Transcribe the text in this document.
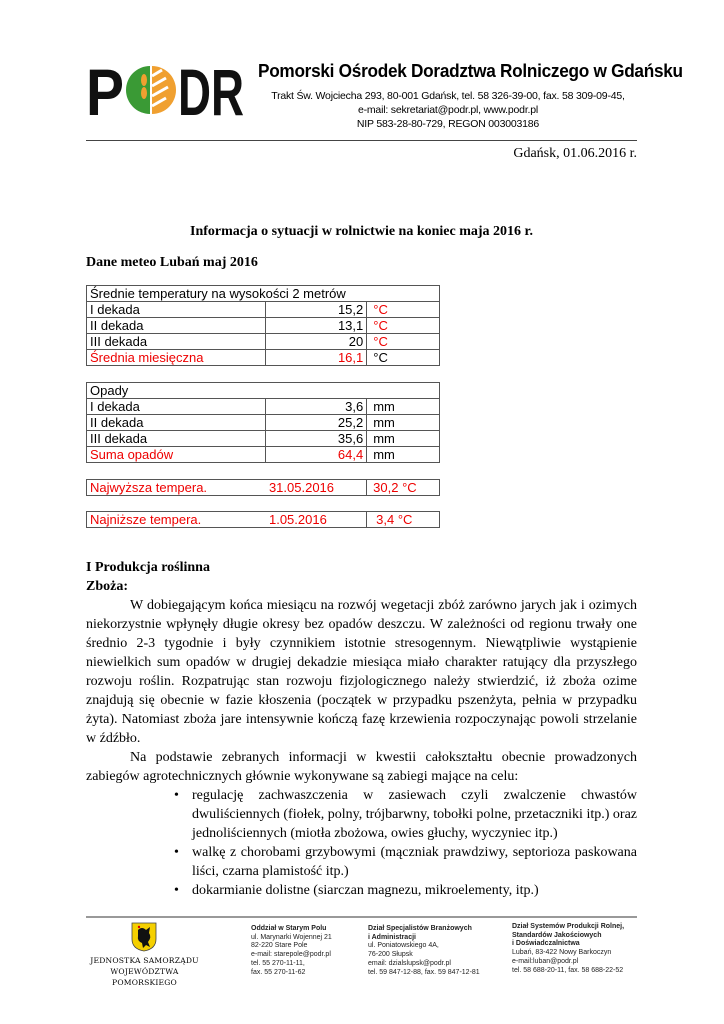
P DR Pomorski Ośrodek Doradztwa Rolniczego w Gdańsku
Trakt Św. Wojciecha 293, 80-001 Gdańsk, tel. 58 326-39-00, fax. 58 309-09-45,
e-mail: sekretariat@podr.pl, www.podr.pl
NIP 583-28-80-729, REGON 003003186
Gdańsk, 01.06.2016 r.
Informacja o sytuacji w rolnictwie na koniec maja 2016 r.
Dane meteo Lubań maj 2016
Średnie temperatury na wysokości 2 metrów		
I dekada	15,2	°C
II dekada	13,1	°C
III dekada	20	°C
Średnia miesięczna	16,1	°C
Opady		
I dekada	3,6	mm
II dekada	25,2	mm
III dekada	35,6	mm
Suma opadów	64,4	mm
Najwyższa tempera.	31.05.2016	30,2 °C
Najniższe tempera.	1.05.2016	3,4 °C
I Produkcja roślinna
Zboża:

W dobiegającym końca miesiącu na rozwój wegetacji zbóż zarówno jarych jak i ozimych niekorzystnie wpłynęły długie okresy bez opadów deszczu. W zależności od regionu trwały one średnio 2-3 tygodnie i były czynnikiem istotnie stresogennym. Niewątpliwie wystąpienie niewielkich sum opadów w drugiej dekadzie miesiąca miało charakter ratujący dla przyszłego rozwoju roślin. Rozpatrując stan rozwoju fizjologicznego należy stwierdzić, iż zboża ozime znajdują się obecnie w fazie kłoszenia (początek w przypadku pszenżyta, pełnia w przypadku żyta). Natomiast zboża jare intensywnie kończą fazę krzewienia rozpoczynając powoli strzelanie w źdźbło.

Na podstawie zebranych informacji w kwestii całokształtu obecnie prowadzonych zabiegów agrotechnicznych głównie wykonywane są zabiegi mające na celu:

• regulację zachwaszczenia w zasiewach czyli zwalczenie chwastów dwuliściennych (fiołek, polny, trójbarwny, tobołki polne, przetaczniki itp.) oraz jednoliściennych (miotła zbożowa, owies głuchy, wyczyniec itp.)
• walkę z chorobami grzybowymi (mączniak prawdziwy, septorioza paskowana liści, czarna plamistość itp.)
• dokarmianie dolistne (siarczan magnezu, mikroelementy, itp.)
JEDNOSTKA SAMORZĄDU
WOJEWÓDZTWA POMORSKIEGO
Oddział w Starym Polu
ul. Marynarki Wojennej 21
82-220 Stare Pole
e-mail: starepole@podr.pl
tel. 55 270-11-11,
fax. 55 270-11-62
Dział Specjalistów Branżowych
i Administracji
ul. Poniatowskiego 4A,
76-200 Słupsk
email: dzialslupsk@podr.pl
tel. 59 847-12-88, fax. 59 847-12-81
Dział Systemów Produkcji Rolnej,
Standardów Jakościowych
i Doświadczalnictwa
Lubań, 83-422 Nowy Barkoczyn
e-mail:luban@podr.pl
tel. 58 688-20-11, fax. 58 688-22-52
